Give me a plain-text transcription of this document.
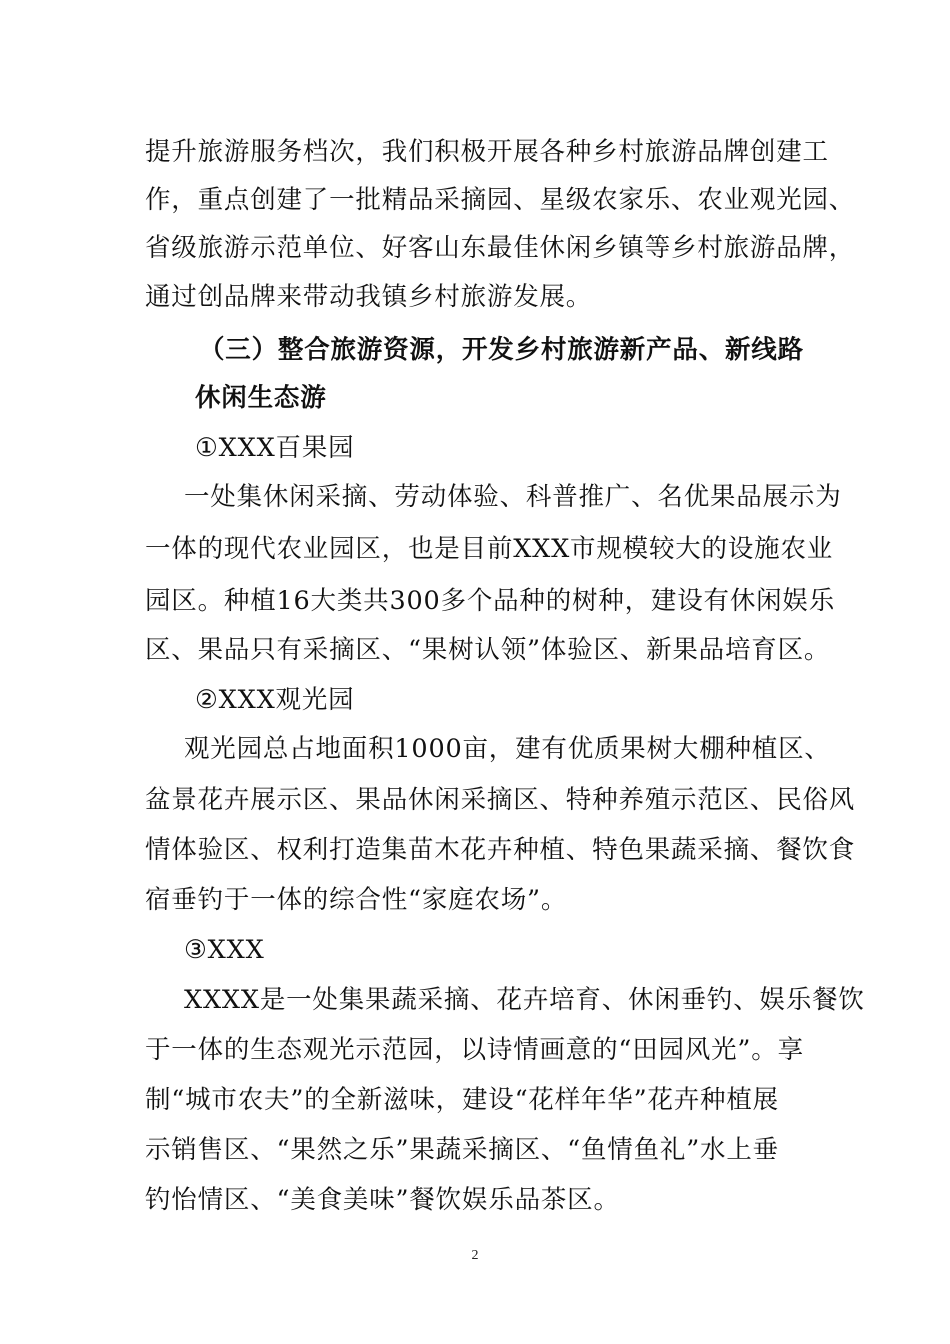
提升旅游服务档次，我们积极开展各种乡村旅游品牌创建工
作，重点创建了一批精品采摘园、星级农家乐、农业观光园、
省级旅游示范单位、好客山东最佳休闲乡镇等乡村旅游品牌，
通过创品牌来带动我镇乡村旅游发展。
（三）整合旅游资源，开发乡村旅游新产品、新线路
休闲生态游
①XXX百果园
一处集休闲采摘、劳动体验、科普推广、名优果品展示为
一体的现代农业园区，也是目前XXX市规模较大的设施农业
园区。种植16大类共300多个品种的树种，建设有休闲娱乐
区、果品只有采摘区、“果树认领”体验区、新果品培育区。
②XXX观光园
观光园总占地面积1000亩，建有优质果树大棚种植区、
盆景花卉展示区、果品休闲采摘区、特种养殖示范区、民俗风
情体验区、权利打造集苗木花卉种植、特色果蔬采摘、餐饮食
宿垂钓于一体的综合性“家庭农场”。
③XXX
XXXX是一处集果蔬采摘、花卉培育、休闲垂钓、娱乐餐饮
于一体的生态观光示范园，以诗情画意的“田园风光”。享
制“城市农夫”的全新滋味，建设“花样年华”花卉种植展
示销售区、“果然之乐”果蔬采摘区、“鱼情鱼礼”水上垂
钓怡情区、“美食美味”餐饮娱乐品茶区。
2
